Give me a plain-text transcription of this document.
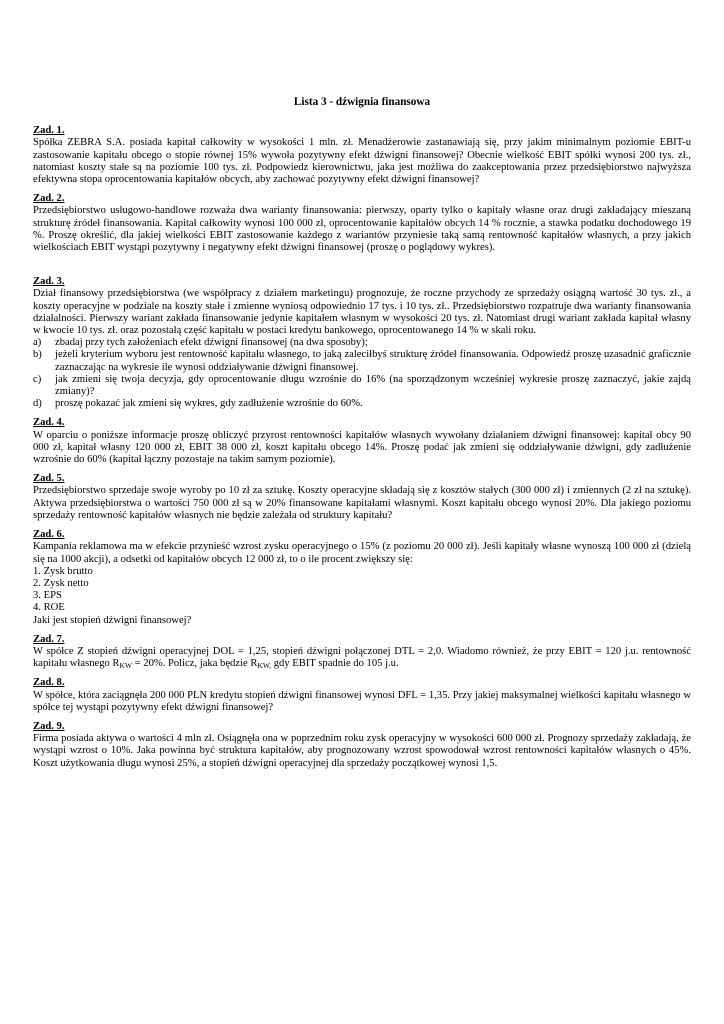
Lista 3 - dźwignia finansowa
Zad. 1.

Spółka ZEBRA S.A. posiada kapitał całkowity w wysokości 1 mln. zł. Menadżerowie zastanawiają się, przy jakim minimalnym poziomie EBIT-u zastosowanie kapitału obcego o stopie równej 15% wywoła pozytywny efekt dźwigni finansowej? Obecnie wielkość EBIT spółki wynosi 200 tys. zł., natomiast koszty stałe są na poziomie 100 tys. zł. Podpowiedz kierownictwu, jaka jest możliwa do zaakceptowania przez przedsiębiorstwo najwyższa efektywna stopa oprocentowania kapitałów obcych, aby zachować pozytywny efekt dźwigni finansowej?

Zad. 2.

Przedsiębiorstwo usługowo-handlowe rozważa dwa warianty finansowania: pierwszy, oparty tylko o kapitały własne oraz drugi zakładający mieszaną strukturę źródeł finansowania. Kapitał całkowity wynosi 100 000 zł, oprocentowanie kapitałów obcych 14 % rocznie, a stawka podatku dochodowego 19 %. Proszę określić, dla jakiej wielkości EBIT zastosowanie każdego z wariantów przyniesie taką samą rentowność kapitałów własnych, a przy jakich wielkościach EBIT wystąpi pozytywny i negatywny efekt dźwigni finansowej (proszę o poglądowy wykres).

Zad. 3.

Dział finansowy przedsiębiorstwa (we współpracy z działem marketingu) prognozuje, że roczne przychody ze sprzedaży osiągną wartość 30 tys. zł., a koszty operacyjne w podziale na koszty stałe i zmienne wyniosą odpowiednio 17 tys. i 10 tys. zł.. Przedsiębiorstwo rozpatruje dwa warianty finansowania działalności. Pierwszy wariant zakłada finansowanie jedynie kapitałem własnym w wysokości 20 tys. zł. Natomiast drugi wariant zakłada kapitał własny w kwocie 10 tys. zł. oraz pozostałą część kapitału w postaci kredytu bankowego, oprocentowanego 14 % w skali roku.

a) zbadaj przy tych założeniach efekt dźwigni finansowej (na dwa sposoby);
b) jeżeli kryterium wyboru jest rentowność kapitału własnego, to jaką zaleciłbyś strukturę źródeł finansowania. Odpowiedź proszę uzasadnić graficznie zaznaczając na wykresie ile wynosi oddziaływanie dźwigni finansowej.
c) jak zmieni się twoja decyzja, gdy oprocentowanie długu wzrośnie do 16% (na sporządzonym wcześniej wykresie proszę zaznaczyć, jakie zajdą zmiany)?
d) proszę pokazać jak zmieni się wykres, gdy zadłużenie wzrośnie do 60%.
Zad. 4.

W oparciu o poniższe informacje proszę obliczyć przyrost rentowności kapitałów własnych wywołany działaniem dźwigni finansowej: kapitał obcy 90 000 zł, kapitał własny 120 000 zł, EBIT 38 000 zł, koszt kapitału obcego 14%. Proszę podać jak zmieni się oddziaływanie dźwigni, gdy zadłużenie wzrośnie do 60% (kapitał łączny pozostaje na takim samym poziomie).

Zad. 5.

Przedsiębiorstwo sprzedaje swoje wyroby po 10 zł za sztukę. Koszty operacyjne składają się z kosztów stałych (300 000 zł) i zmiennych (2 zł na sztukę). Aktywa przedsiębiorstwa o wartości 750 000 zł są w 20% finansowane kapitałami własnymi. Koszt kapitału obcego wynosi 20%. Dla jakiego poziomu sprzedaży rentowność kapitałów własnych nie będzie zależała od struktury kapitału?

Zad. 6.

Kampania reklamowa ma w efekcie przynieść wzrost zysku operacyjnego o 15% (z poziomu 20 000 zł). Jeśli kapitały własne wynoszą 100 000 zł (dzielą się na 1000 akcji), a odsetki od kapitałów obcych 12 000 zł, to o ile procent zwiększy się:

1. Zysk brutto
2. Zysk netto
3. EPS
4. ROE

Jaki jest stopień dźwigni finansowej?

Zad. 7.

W spółce Z stopień dźwigni operacyjnej DOL = 1,25, stopień dźwigni połączonej DTL = 2,0. Wiadomo również, że przy EBIT = 120 j.u. rentowność kapitału własnego $R_{KW} = 20\%$. Policz, jaka będzie $R_{KW,}$ gdy EBIT spadnie do 105 j.u.

Zad. 8.

W spółce, która zaciągnęła 200 000 PLN kredytu stopień dźwigni finansowej wynosi DFL = 1,35. Przy jakiej maksymalnej wielkości kapitału własnego w spółce tej wystąpi pozytywny efekt dźwigni finansowej?

Zad. 9.

Firma posiada aktywa o wartości 4 mln zł. Osiągnęła ona w poprzednim roku zysk operacyjny w wysokości 600 000 zł. Prognozy sprzedaży zakładają, że wystąpi wzrost o 10%. Jaka powinna być struktura kapitałów, aby prognozowany wzrost spowodował wzrost rentowności kapitałów własnych o 45%. Koszt użytkowania długu wynosi 25%, a stopień dźwigni operacyjnej dla sprzedaży początkowej wynosi 1,5.
